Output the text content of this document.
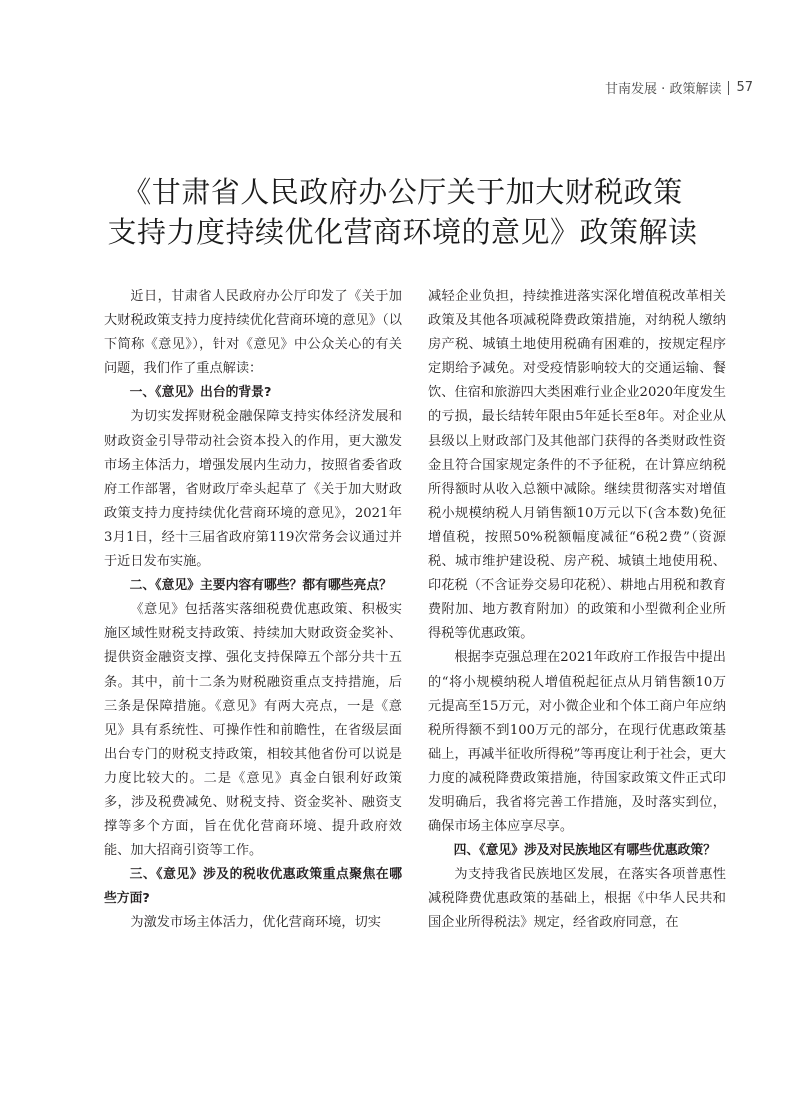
甘南发展 · 政策解读 57
《甘肃省人民政府办公厅关于加大财税政策
支持力度持续优化营商环境的意见》政策解读

近日，甘肃省人民政府办公厅印发了《关于加大财税政策支持力度持续优化营商环境的意见》（以下简称《意见》），针对《意见》中公众关心的有关问题，我们作了重点解读：

一、《意见》出台的背景?

为切实发挥财税金融保障支持实体经济发展和财政资金引导带动社会资本投入的作用，更大激发市场主体活力，增强发展内生动力，按照省委省政府工作部署，省财政厅牵头起草了《关于加大财政政策支持力度持续优化营商环境的意见》，2021年3月1日，经十三届省政府第119次常务会议通过并于近日发布实施。

二、《意见》主要内容有哪些？都有哪些亮点？

《意见》包括落实落细税费优惠政策、积极实施区域性财税支持政策、持续加大财政资金奖补、提供资金融资支撑、强化支持保障五个部分共十五条。其中，前十二条为财税融资重点支持措施，后三条是保障措施。《意见》有两大亮点，一是《意见》具有系统性、可操作性和前瞻性，在省级层面出台专门的财税支持政策，相较其他省份可以说是力度比较大的。二是《意见》真金白银利好政策多，涉及税费减免、财税支持、资金奖补、融资支撑等多个方面，旨在优化营商环境、提升政府效能、加大招商引资等工作。

三、《意见》涉及的税收优惠政策重点聚焦在哪些方面?

为激发市场主体活力，优化营商环境，切实

减轻企业负担，持续推进落实深化增值税改革相关政策及其他各项减税降费政策措施，对纳税人缴纳房产税、城镇土地使用税确有困难的，按规定程序定期给予减免。对受疫情影响较大的交通运输、餐饮、住宿和旅游四大类困难行业企业2020年度发生的亏损，最长结转年限由5年延长至8年。对企业从县级以上财政部门及其他部门获得的各类财政性资金且符合国家规定条件的不予征税，在计算应纳税所得额时从收入总额中减除。继续贯彻落实对增值税小规模纳税人月销售额10万元以下(含本数)免征增值税，按照50%税额幅度减征“6税2费”（资源税、城市维护建设税、房产税、城镇土地使用税、印花税（不含证券交易印花税）、耕地占用税和教育费附加、地方教育附加）的政策和小型微利企业所得税等优惠政策。

根据李克强总理在2021年政府工作报告中提出的“将小规模纳税人增值税起征点从月销售额10万元提高至15万元，对小微企业和个体工商户年应纳税所得额不到100万元的部分，在现行优惠政策基础上，再减半征收所得税”等再度让利于社会，更大力度的减税降费政策措施，待国家政策文件正式印发明确后，我省将完善工作措施，及时落实到位，确保市场主体应享尽享。

四、《意见》涉及对民族地区有哪些优惠政策？

为支持我省民族地区发展，在落实各项普惠性减税降费优惠政策的基础上，根据《中华人民共和国企业所得税法》规定，经省政府同意，在
